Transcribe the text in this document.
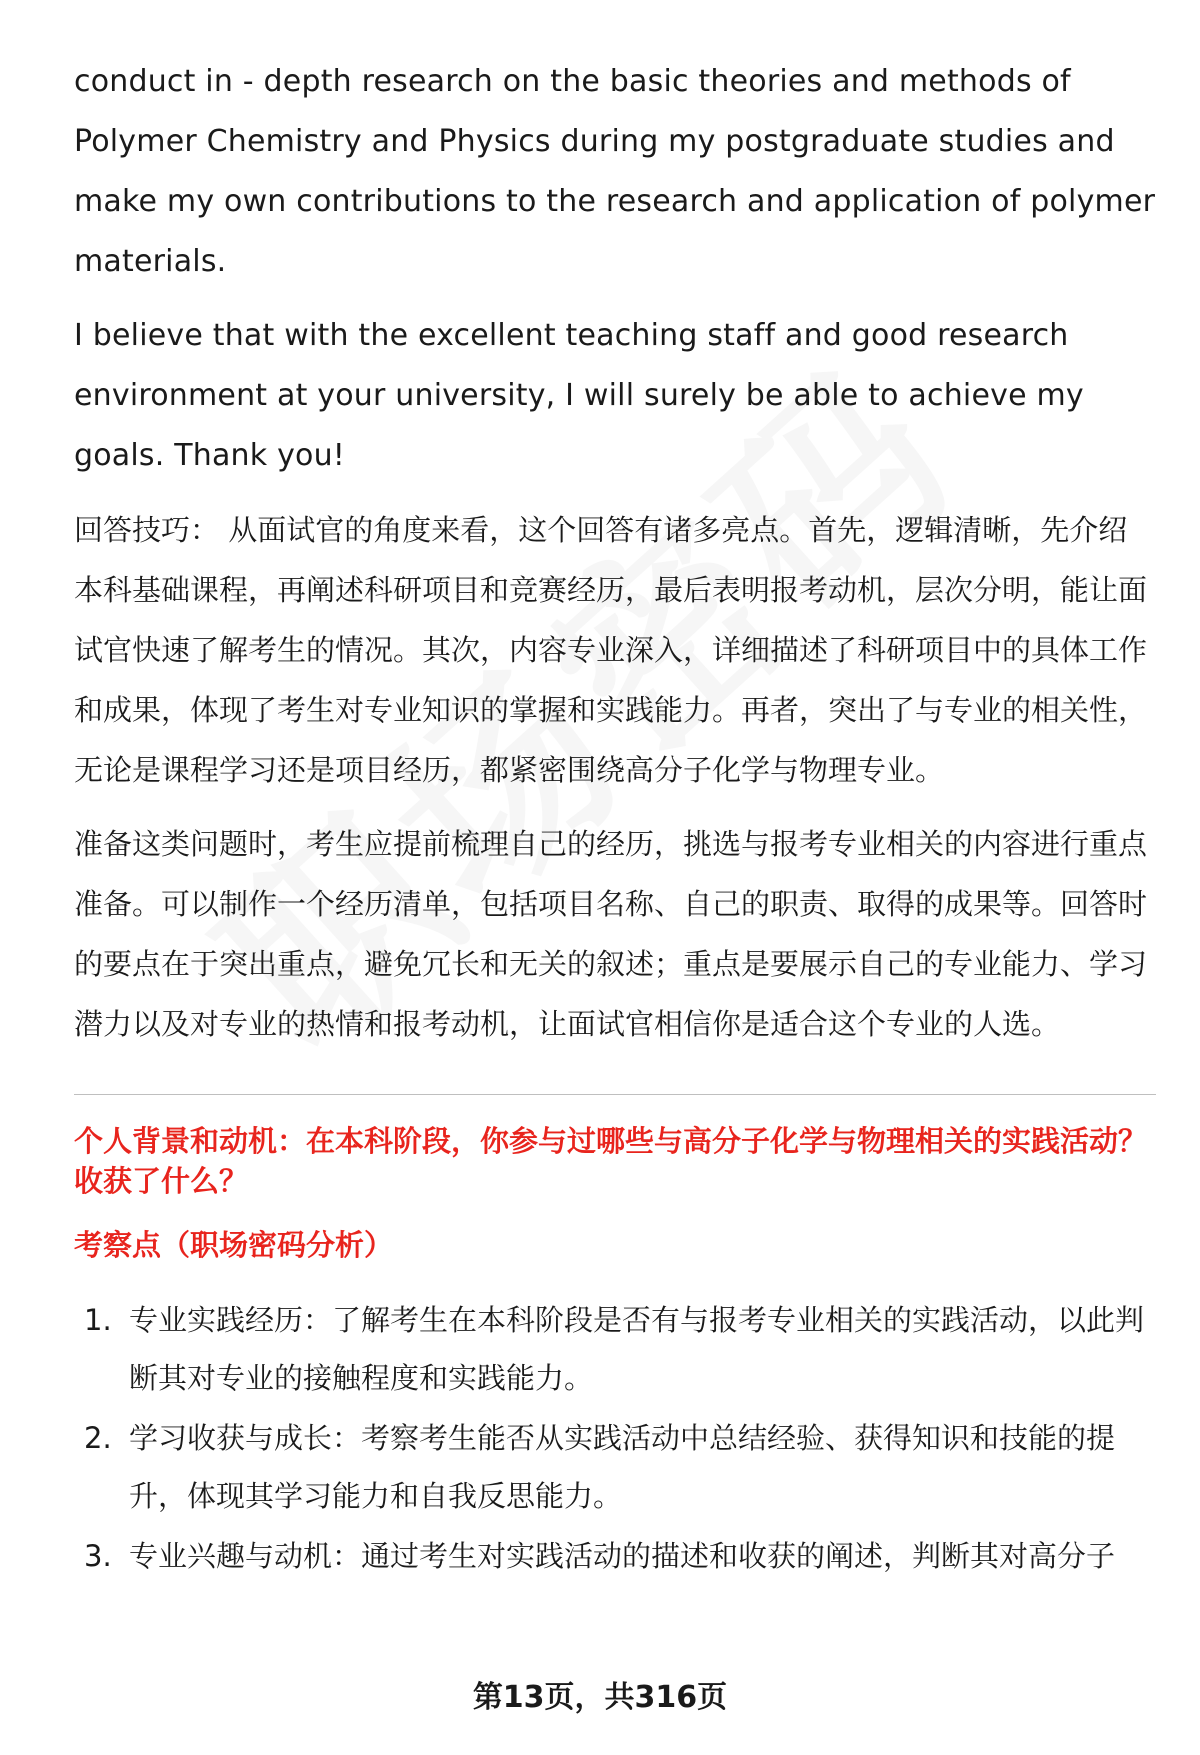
conduct in - depth research on the basic theories and methods of Polymer Chemistry and Physics during my postgraduate studies and make my own contributions to the research and application of polymer materials.

I believe that with the excellent teaching staff and good research environment at your university, I will surely be able to achieve my goals. Thank you!

回答技巧： 从面试官的角度来看，这个回答有诸多亮点。首先，逻辑清晰，先介绍本科基础课程，再阐述科研项目和竞赛经历，最后表明报考动机，层次分明，能让面试官快速了解考生的情况。其次，内容专业深入，详细描述了科研项目中的具体工作和成果，体现了考生对专业知识的掌握和实践能力。再者，突出了与专业的相关性，无论是课程学习还是项目经历，都紧密围绕高分子化学与物理专业。

准备这类问题时，考生应提前梳理自己的经历，挑选与报考专业相关的内容进行重点准备。可以制作一个经历清单，包括项目名称、自己的职责、取得的成果等。回答时的要点在于突出重点，避免冗长和无关的叙述；重点是要展示自己的专业能力、学习潜力以及对专业的热情和报考动机，让面试官相信你是适合这个专业的人选。

个人背景和动机：在本科阶段，你参与过哪些与高分子化学与物理相关的实践活动？收获了什么？
考察点（职场密码分析）
1. 专业实践经历：了解考生在本科阶段是否有与报考专业相关的实践活动，以此判断其对专业的接触程度和实践能力。
2. 学习收获与成长：考察考生能否从实践活动中总结经验、获得知识和技能的提升，体现其学习能力和自我反思能力。
3. 专业兴趣与动机：通过考生对实践活动的描述和收获的阐述，判断其对高分子
第13页，共316页
